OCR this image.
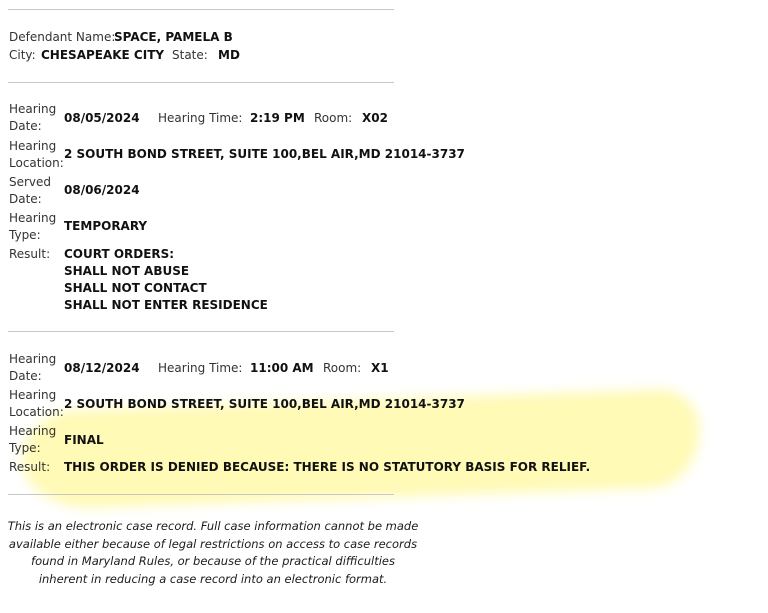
Defendant Name:
SPACE, PAMELA B
City: CHESAPEAKE CITY State: MD
Hearing
Date:
08/05/2024 Hearing Time: 2:19 PM Room: X02
Hearing
Location:
2 SOUTH BOND STREET, SUITE 100,BEL AIR,MD 21014-3737
Served
Date:
08/06/2024
Hearing
Type:
TEMPORARY
Result: COURT ORDERS:
SHALL NOT ABUSE
SHALL NOT CONTACT
SHALL NOT ENTER RESIDENCE
Hearing
Date:
08/12/2024 Hearing Time: 11:00 AM Room: X1
Hearing
Location:
2 SOUTH BOND STREET, SUITE 100,BEL AIR,MD 21014-3737
Hearing
Type:
FINAL
Result: THIS ORDER IS DENIED BECAUSE: THERE IS NO STATUTORY BASIS FOR RELIEF.
This is an electronic case record. Full case information cannot be made
available either because of legal restrictions on access to case records
found in Maryland Rules, or because of the practical difficulties
inherent in reducing a case record into an electronic format.
